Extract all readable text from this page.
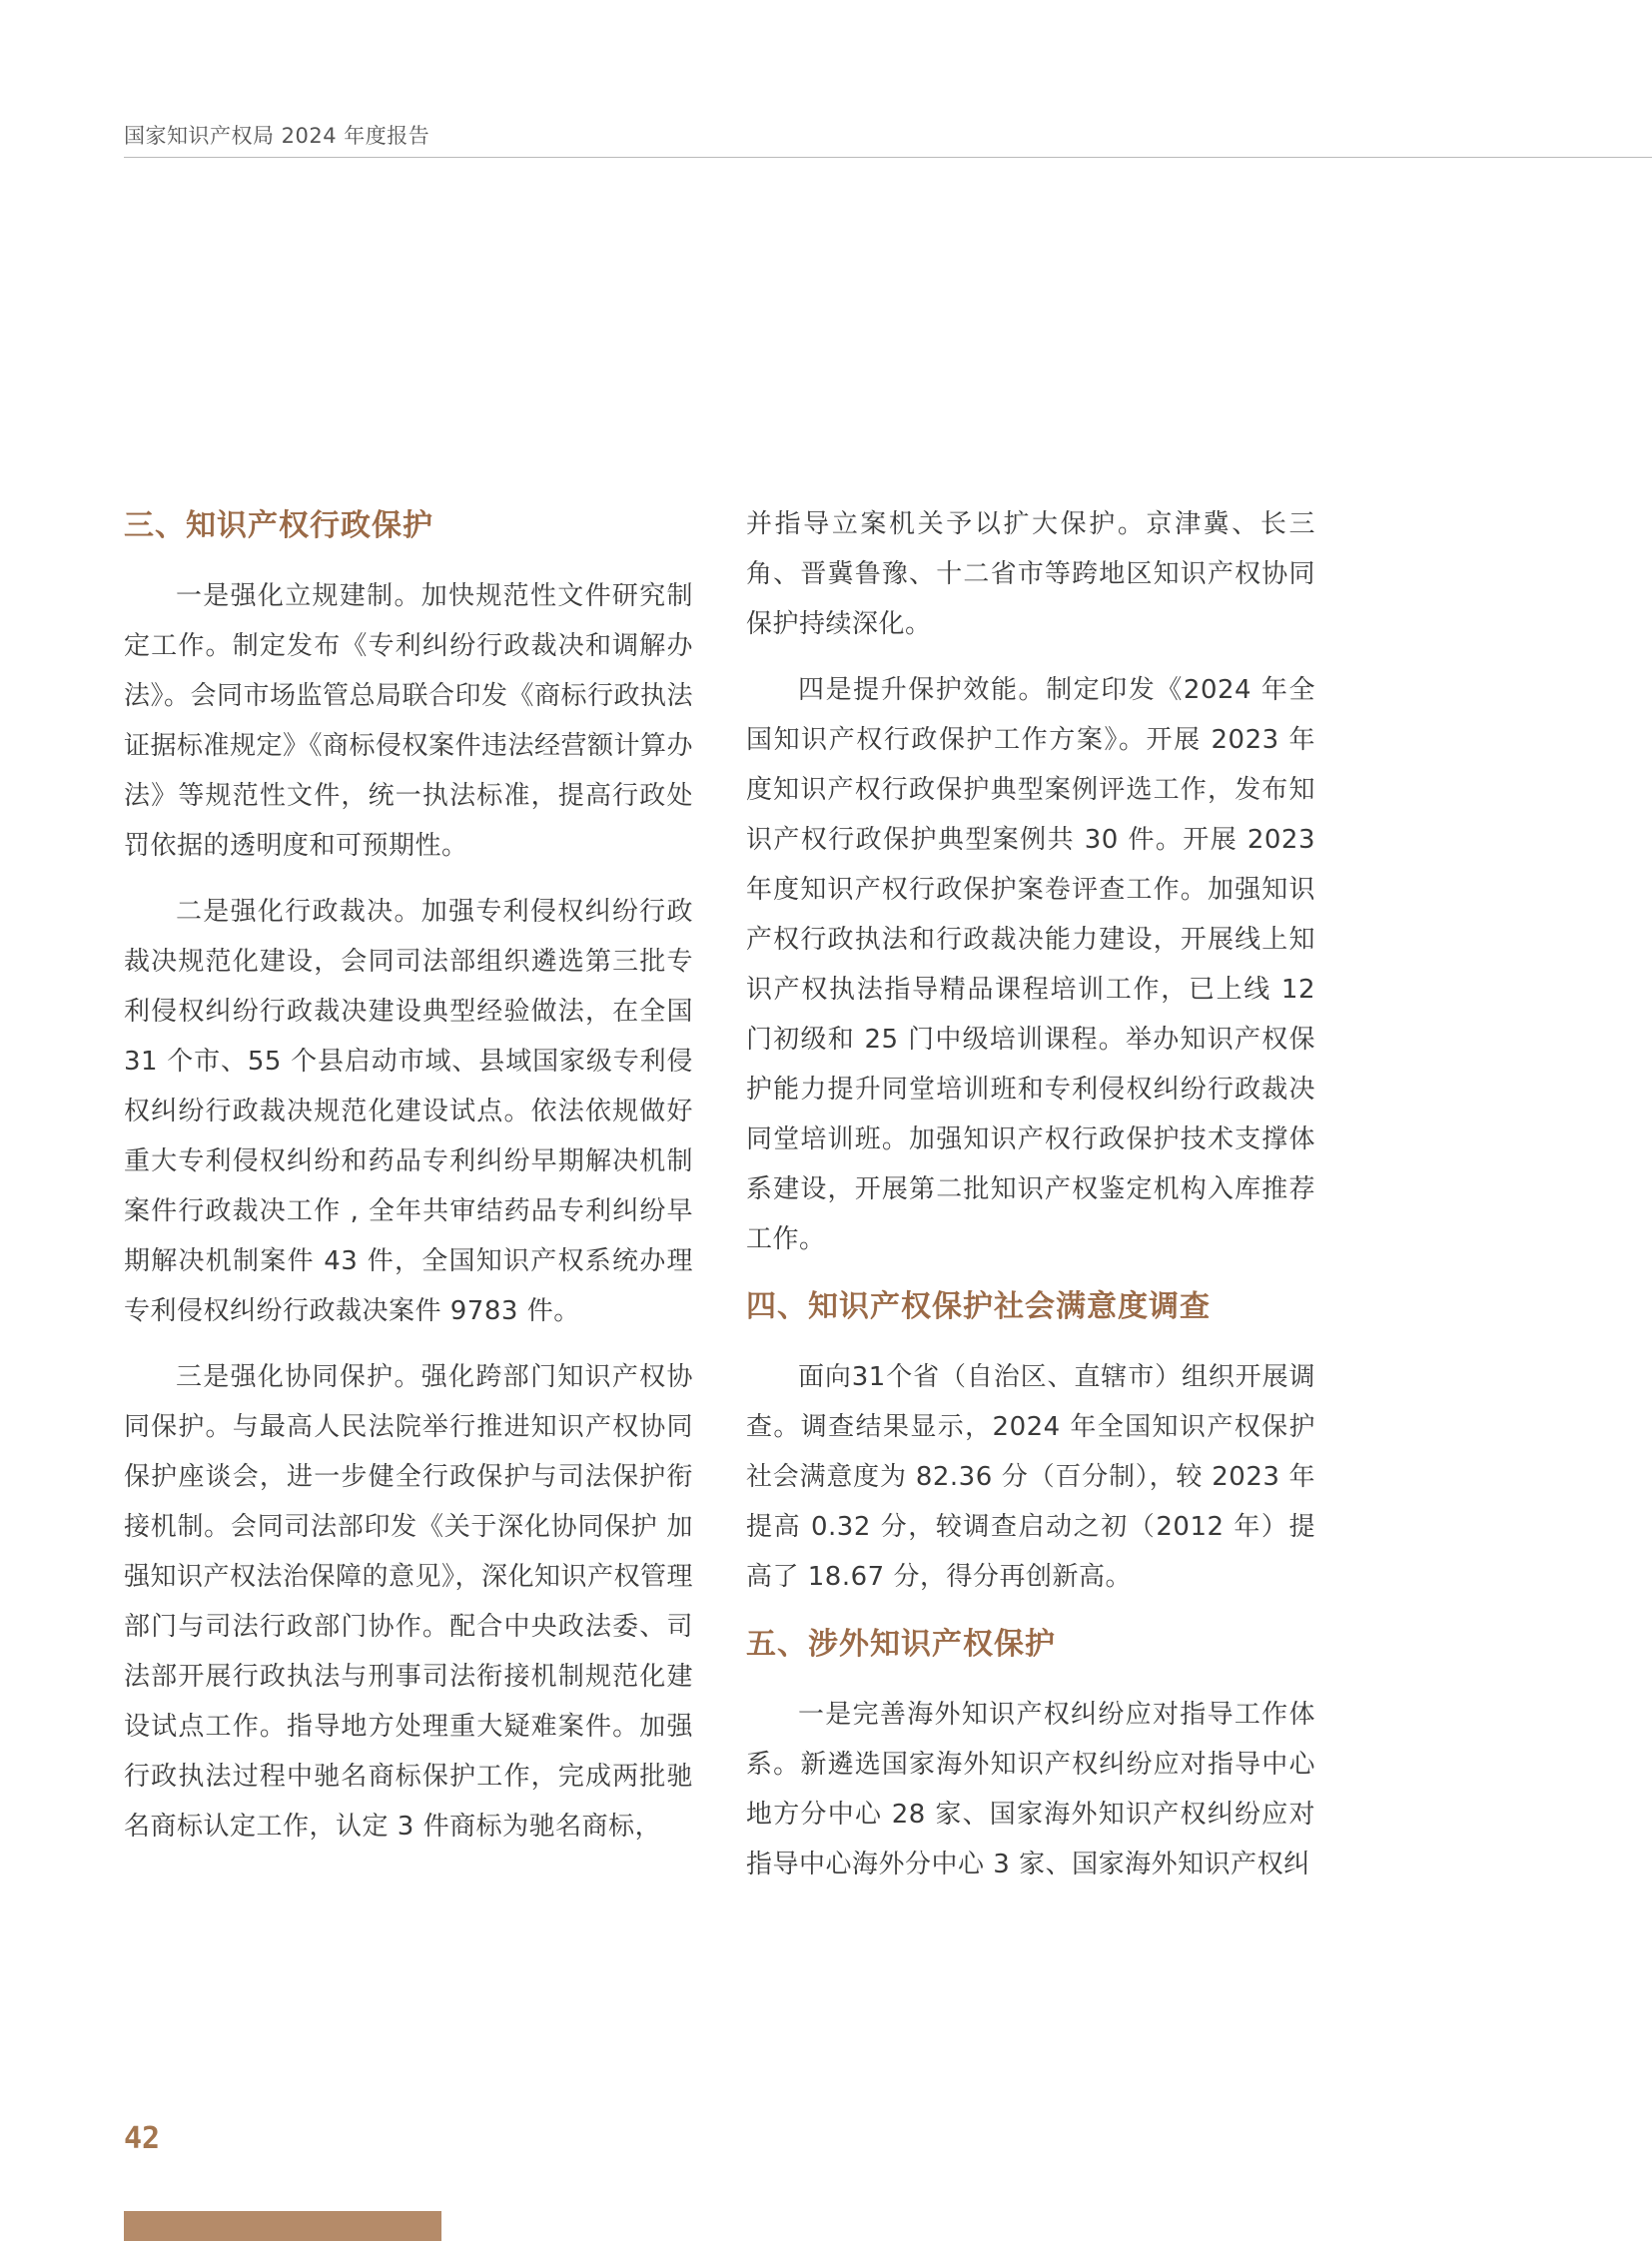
国家知识产权局 2024 年度报告
三、知识产权行政保护

一是强化立规建制。加快规范性文件研究制定工作。制定发布《专利纠纷行政裁决和调解办法》。会同市场监管总局联合印发《商标行政执法证据标准规定》《商标侵权案件违法经营额计算办法》等规范性文件，统一执法标准，提高行政处罚依据的透明度和可预期性。

二是强化行政裁决。加强专利侵权纠纷行政裁决规范化建设，会同司法部组织遴选第三批专利侵权纠纷行政裁决建设典型经验做法，在全国 31 个市、55 个县启动市域、县域国家级专利侵权纠纷行政裁决规范化建设试点。依法依规做好重大专利侵权纠纷和药品专利纠纷早期解决机制案件行政裁决工作 , 全年共审结药品专利纠纷早期解决机制案件 43 件，全国知识产权系统办理专利侵权纠纷行政裁决案件 9783 件。

三是强化协同保护。强化跨部门知识产权协同保护。与最高人民法院举行推进知识产权协同保护座谈会，进一步健全行政保护与司法保护衔接机制。会同司法部印发《关于深化协同保护 加强知识产权法治保障的意见》，深化知识产权管理部门与司法行政部门协作。配合中央政法委、司法部开展行政执法与刑事司法衔接机制规范化建设试点工作。指导地方处理重大疑难案件。加强行政执法过程中驰名商标保护工作，完成两批驰名商标认定工作，认定 3 件商标为驰名商标，

并指导立案机关予以扩大保护。京津冀、长三角、晋冀鲁豫、十二省市等跨地区知识产权协同保护持续深化。

四是提升保护效能。制定印发《2024 年全国知识产权行政保护工作方案》。开展 2023 年度知识产权行政保护典型案例评选工作，发布知识产权行政保护典型案例共 30 件。开展 2023 年度知识产权行政保护案卷评查工作。加强知识产权行政执法和行政裁决能力建设，开展线上知识产权执法指导精品课程培训工作，已上线 12 门初级和 25 门中级培训课程。举办知识产权保护能力提升同堂培训班和专利侵权纠纷行政裁决同堂培训班。加强知识产权行政保护技术支撑体系建设，开展第二批知识产权鉴定机构入库推荐工作。

四、知识产权保护社会满意度调查

面向31个省（自治区、直辖市）组织开展调查。调查结果显示，2024 年全国知识产权保护社会满意度为 82.36 分（百分制），较 2023 年提高 0.32 分，较调查启动之初（2012 年）提高了 18.67 分，得分再创新高。

五、涉外知识产权保护

一是完善海外知识产权纠纷应对指导工作体系。新遴选国家海外知识产权纠纷应对指导中心地方分中心 28 家、国家海外知识产权纠纷应对指导中心海外分中心 3 家、国家海外知识产权纠

42
